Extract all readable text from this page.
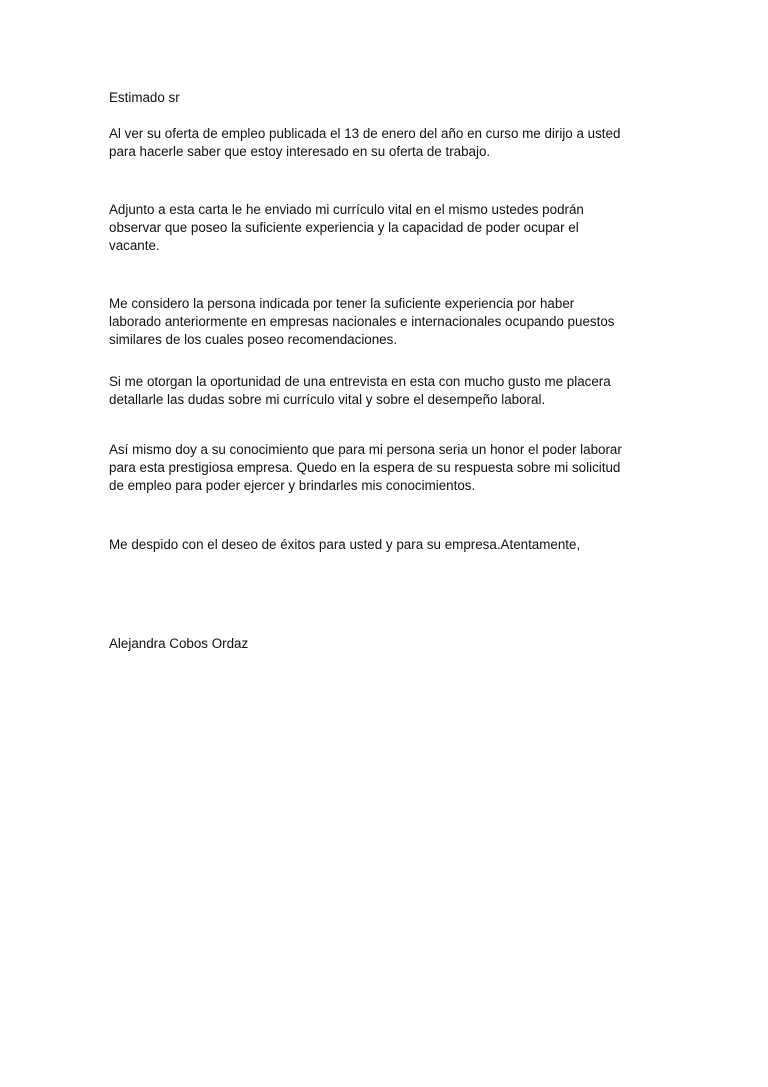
Estimado sr

Al ver su oferta de empleo publicada el 13 de enero del año en curso me dirijo a usted
para hacerle saber que estoy interesado en su oferta de trabajo.

Adjunto a esta carta le he enviado mi currículo vital en el mismo ustedes podrán
observar que poseo la suficiente experiencia y la capacidad de poder ocupar el
vacante.

Me considero la persona indicada por tener la suficiente experiencia por haber
laborado anteriormente en empresas nacionales e internacionales ocupando puestos
similares de los cuales poseo recomendaciones.

Si me otorgan la oportunidad de una entrevista en esta con mucho gusto me placera
detallarle las dudas sobre mi currículo vital y sobre el desempeño laboral.

Así mismo doy a su conocimiento que para mi persona seria un honor el poder laborar
para esta prestigiosa empresa. Quedo en la espera de su respuesta sobre mi solicitud
de empleo para poder ejercer y brindarles mis conocimientos.

Me despido con el deseo de éxitos para usted y para su empresa.Atentamente,

Alejandra Cobos Ordaz
